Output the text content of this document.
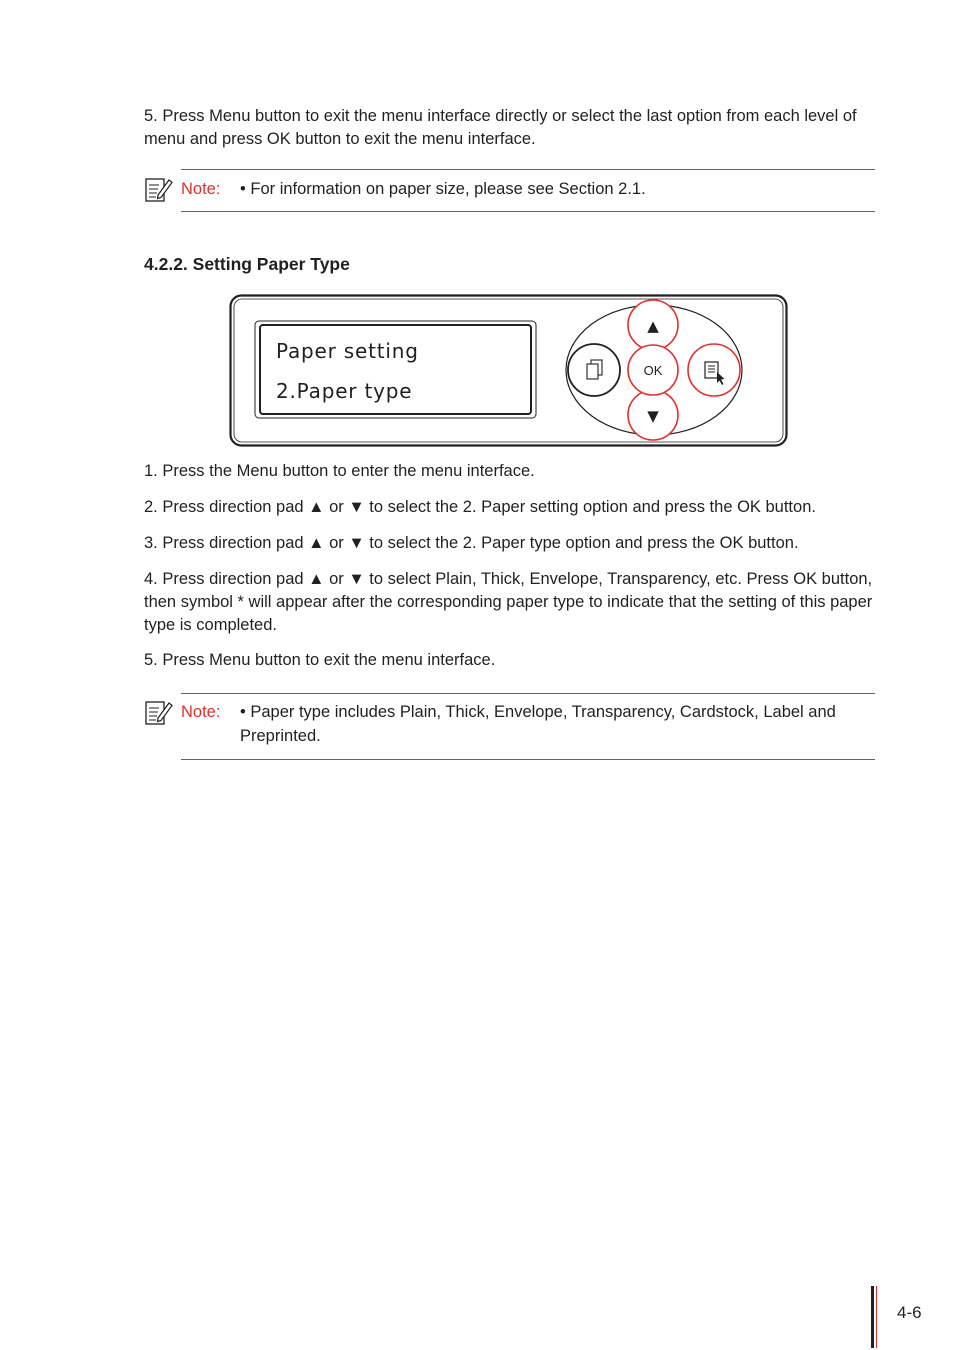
5. Press Menu button to exit the menu interface directly or select the last option from each level of menu and press OK button to exit the menu interface.

Note: • For information on paper size, please see Section 2.1.
4.2.2. Setting Paper Type
Paper setting
2.Paper type
▲
▼
OK

1. Press the Menu button to enter the menu interface.

2. Press direction pad ▲ or ▼ to select the 2. Paper setting option and press the OK button.

3. Press direction pad ▲ or ▼ to select the 2. Paper type option and press the OK button.

4. Press direction pad ▲ or ▼ to select Plain, Thick, Envelope, Transparency, etc. Press OK button, then symbol * will appear after the corresponding paper type to indicate that the setting of this paper type is completed.

5. Press Menu button to exit the menu interface.

Note: • Paper type includes Plain, Thick, Envelope, Transparency, Cardstock, Label and Preprinted.
4-6
